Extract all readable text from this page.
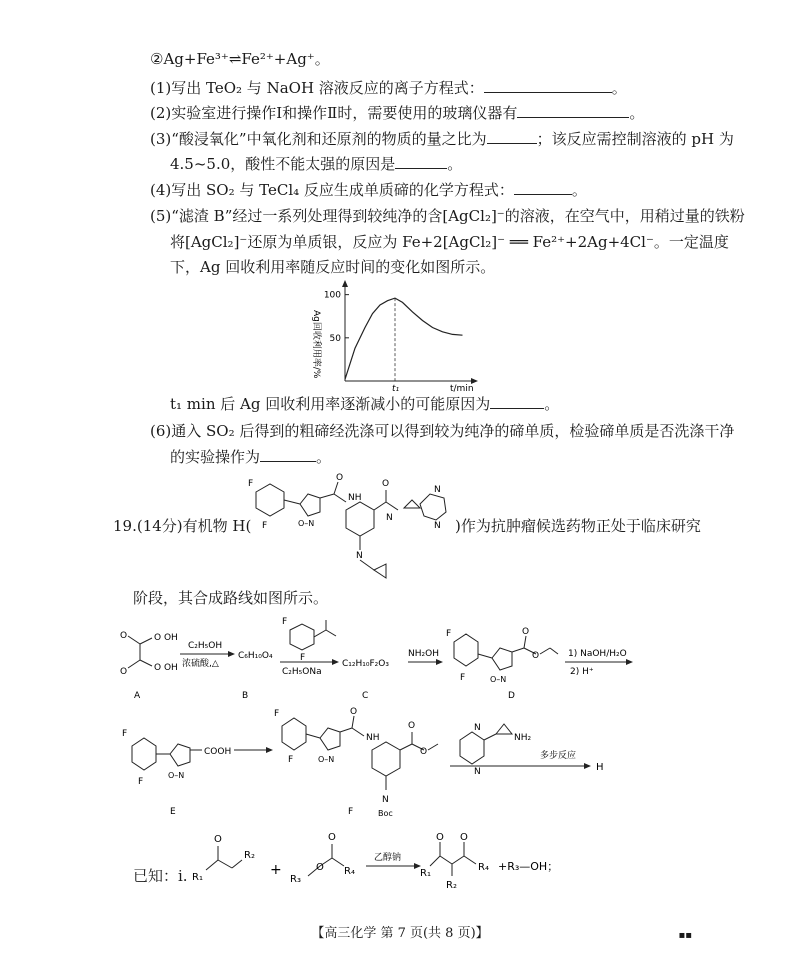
②Ag+Fe³⁺⇌Fe²⁺+Ag⁺。
(1)写出 TeO₂ 与 NaOH 溶液反应的离子方程式：	。
(2)实验室进行操作Ⅰ和操作Ⅱ时，需要使用的玻璃仪器有	。
(3)“酸浸氧化”中氧化剂和还原剂的物质的量之比为	；该反应需控制溶液的 pH 为
4.5~5.0，酸性不能太强的原因是	。
(4)写出 SO₂ 与 TeCl₄ 反应生成单质碲的化学方程式：	。
(5)“滤渣 B”经过一系列处理得到较纯净的含[AgCl₂]⁻的溶液，在空气中，用稍过量的铁粉
将[AgCl₂]⁻还原为单质银，反应为 Fe+2[AgCl₂]⁻ ══ Fe²⁺+2Ag+4Cl⁻。一定温度
下，Ag 回收利用率随反应时间的变化如图所示。
Ag回收利用率/%
100
50
t₁	t/min
t₁ min 后 Ag 回收利用率逐渐减小的可能原因为	。
(6)通入 SO₂ 后得到的粗碲经洗涤可以得到较为纯净的碲单质，检验碲单质是否洗涤干净
的实验操作为	。
19.(14分)有机物 H(	)作为抗肿瘤候选药物正处于临床研究
F
F	O–N
O
NH
O
N
N
N
N
阶段，其合成路线如图所示。
O	O OH
O	O OH
A
C₂H₅OH
浓硫酸,△
C₆H₁₀O₄
B
F
F
C₂H₅ONa
C₁₂H₁₀F₂O₃
C
NH₂OH
F
F	O–N
O
O
D
1) NaOH/H₂O
2) H⁺
F
F
O–N
COOH
E
F
F	O–N
O
NH
O
O
N
Boc
F
N
N
NH₂
多步反应
H
已知：ⅰ.
O
R₂
R₁	+
R₃
O
O
R₄
乙醇钠
O O
R₁
R₄
R₂
+R₃—OH；
【高三化学 第 7 页(共 8 页)】	▪▪
